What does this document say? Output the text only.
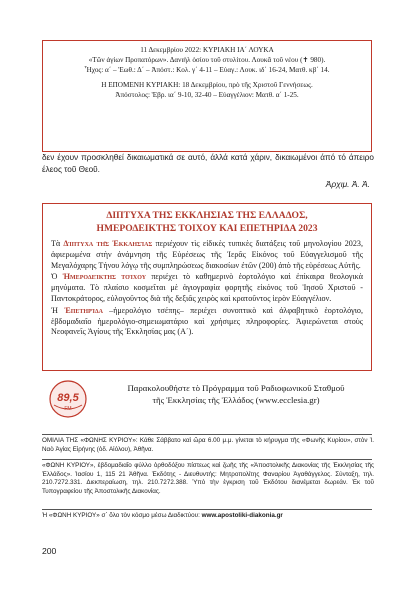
11 Δεκεμβρίου 2022: ΚΥΡΙΑΚΗ ΙΑ΄ ΛΟΥΚΑ
«Τῶν ἁγίων Προπατόρων». Δανιὴλ ὁσίου τοῦ στυλίτου. Λουκᾶ τοῦ νέου (✝ 980).
Ἦχος: α΄ – Ἑωθ.: Δ΄ – Ἀπόστ.: Κολ. γ΄ 4-11 – Εὐαγ.: Λουκ. ιδ΄ 16-24, Ματθ. κβ΄ 14.
Η ΕΠΟΜΕΝΗ ΚΥΡΙΑΚΗ: 18 Δεκεμβρίου, πρὸ τῆς Χριστοῦ Γεννήσεως.
Ἀπόστολος: Ἑβρ. ια΄ 9-10, 32-40 – Εὐαγγέλιον: Ματθ. α΄ 1-25.
δεν έχουν προσκληθεί δικαιωματικά σε αυτό, άλλά κατά χάριν, δικαιωμένοι άπό τό άπειρο έλεος τοῦ Θεοῦ.
Ἀρχιμ. Ἀ. Ἀ.
ΔΙΠΤΥΧΑ ΤΗΣ ΕΚΚΛΗΣΙΑΣ ΤΗΣ ΕΛΛΑΔΟΣ,
ΗΜΕΡΟΔΕΙΚΤΗΣ ΤΟΙΧΟΥ ΚΑΙ ΕΠΕΤΗΡΙΔΑ 2023

Τὰ Δίπτυχα τῆς Ἐκκλησίας περιέχουν τὶς εἰδικὲς τυπικὲς διατάξεις τοῦ μηνολογίου 2023, ἀφιερωμένα στὴν ἀνάμνηση τῆς Εὑρέσεως τῆς Ἱερᾶς Εἰκόνος τοῦ Εὐαγγελισμοῦ τῆς Μεγαλόχαρης Τήνου λόγῳ τῆς συμπληρώσεως διακοσίων ἐτῶν (200) ἀπὸ τῆς εὑρέσεως Αὐτῆς.

Ὁ Ἡμεροδείκτης τοίχου περιέχει τὸ καθημερινὸ ἑορτολόγιο καὶ ἐπίκαιρα θεολογικὰ μηνύματα. Τὸ πλαίσιο κοσμεῖται μὲ ἁγιογραφία φορητῆς εἰκόνος τοῦ Ἰησοῦ Χριστοῦ - Παντοκράτορος, εὐλογοῦντος διὰ τῆς δεξιᾶς χειρὸς καὶ κρατοῦντος ἱερὸν Εὐαγγέλιον.

Ἡ Ἐπετηρίδα –ἡμερολόγιο τσέπης– περιέχει συνοπτικὸ καὶ ἀλφαβητικὸ ἑορτολόγιο, ἑβδομαδιαῖο ἡμερολόγιο-σημειωματάριο καὶ χρήσιμες πληροφορίες. Ἀφιερώνεται στοὺς Νεοφανεῖς Ἁγίους τῆς Ἐκκλησίας μας (Α΄).

89,5
FM
Παρακολουθήστε τὸ Πρόγραμμα τοῦ Ραδιοφωνικοῦ Σταθμοῦ
τῆς Ἐκκλησίας τῆς Ἑλλάδος (www.ecclesia.gr)
ΟΜΙΛΙΑ ΤΗΣ «ΦΩΝΗΣ ΚΥΡΙΟΥ»: Κάθε Σάββατο καὶ ὥρα 6.00 μ.μ. γίνεται τὸ κήρυγμα τῆς «Φωνῆς Κυρίου», στὸν Ἱ. Ναὸ Ἁγίας Εἰρήνης (ὁδ. Αἰόλου), Ἀθῆνα.
«ΦΩΝΗ ΚΥΡΙΟΥ», ἑβδομαδιαῖο φύλλο ὀρθοδόξου πίστεως καὶ ζωῆς τῆς «Ἀποστολικῆς Διακονίας τῆς Ἐκκλησίας τῆς Ἑλλάδος». Ἰασίου 1, 115 21 Ἀθῆνα. Ἐκδότης - Διευθυντής: Μητροπολίτης Φαναρίου Ἀγαθάγγελος. Σύνταξη, τηλ. 210.7272.331. Διεκπεραίωση, τηλ. 210.7272.388. Ὑπὸ τὴν ἐγκριση τοῦ Ἐκδότου διανέμεται δωρεάν. Ἐκ τοῦ Τυπογραφείου τῆς Ἀποστολικῆς Διακονίας.
Ἡ «ΦΩΝΗ ΚΥΡΙΟΥ» σ΄ ὅλο τὸν κόσμο μέσω Διαδικτύου: www.apostoliki-diakonia.gr
200
